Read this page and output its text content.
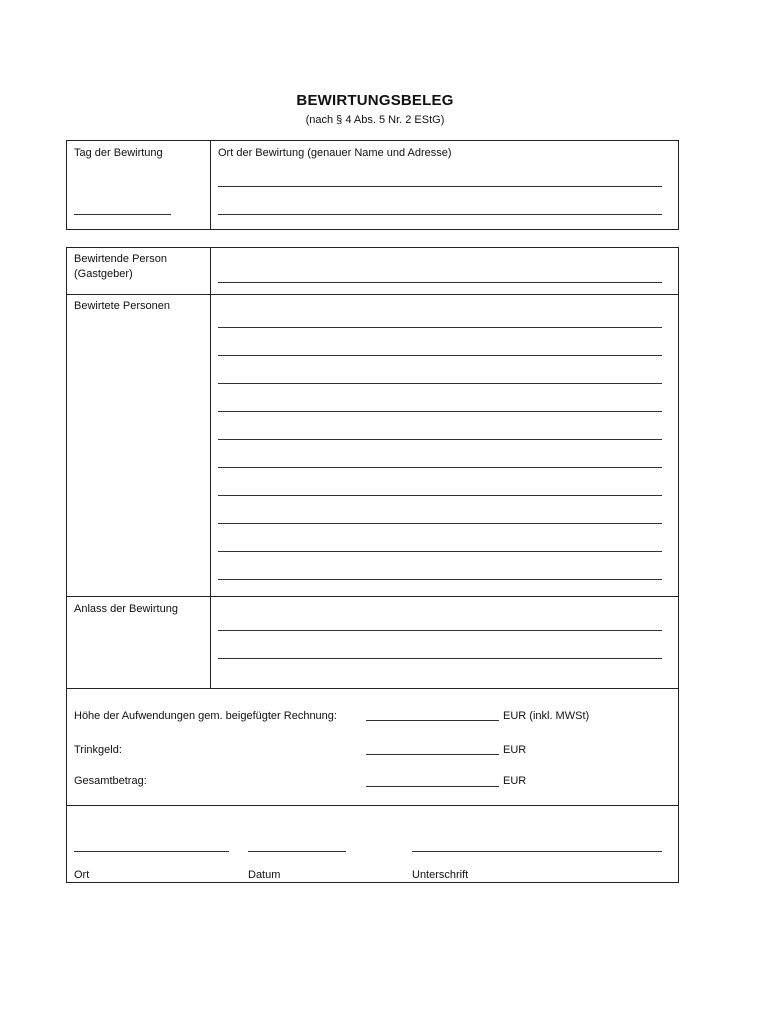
BEWIRTUNGSBELEG
(nach § 4 Abs. 5 Nr. 2 EStG)
Tag der Bewirtung	Ort der Bewirtung (genauer Name und Adresse)
Bewirtende Person
(Gastgeber)
Bewirtete Personen
Anlass der Bewirtung
Höhe der Aufwendungen gem. beigefügter Rechnung:	EUR (inkl. MWSt)
Trinkgeld:	EUR
Gesamtbetrag:	EUR
Ort	Datum	Unterschrift
